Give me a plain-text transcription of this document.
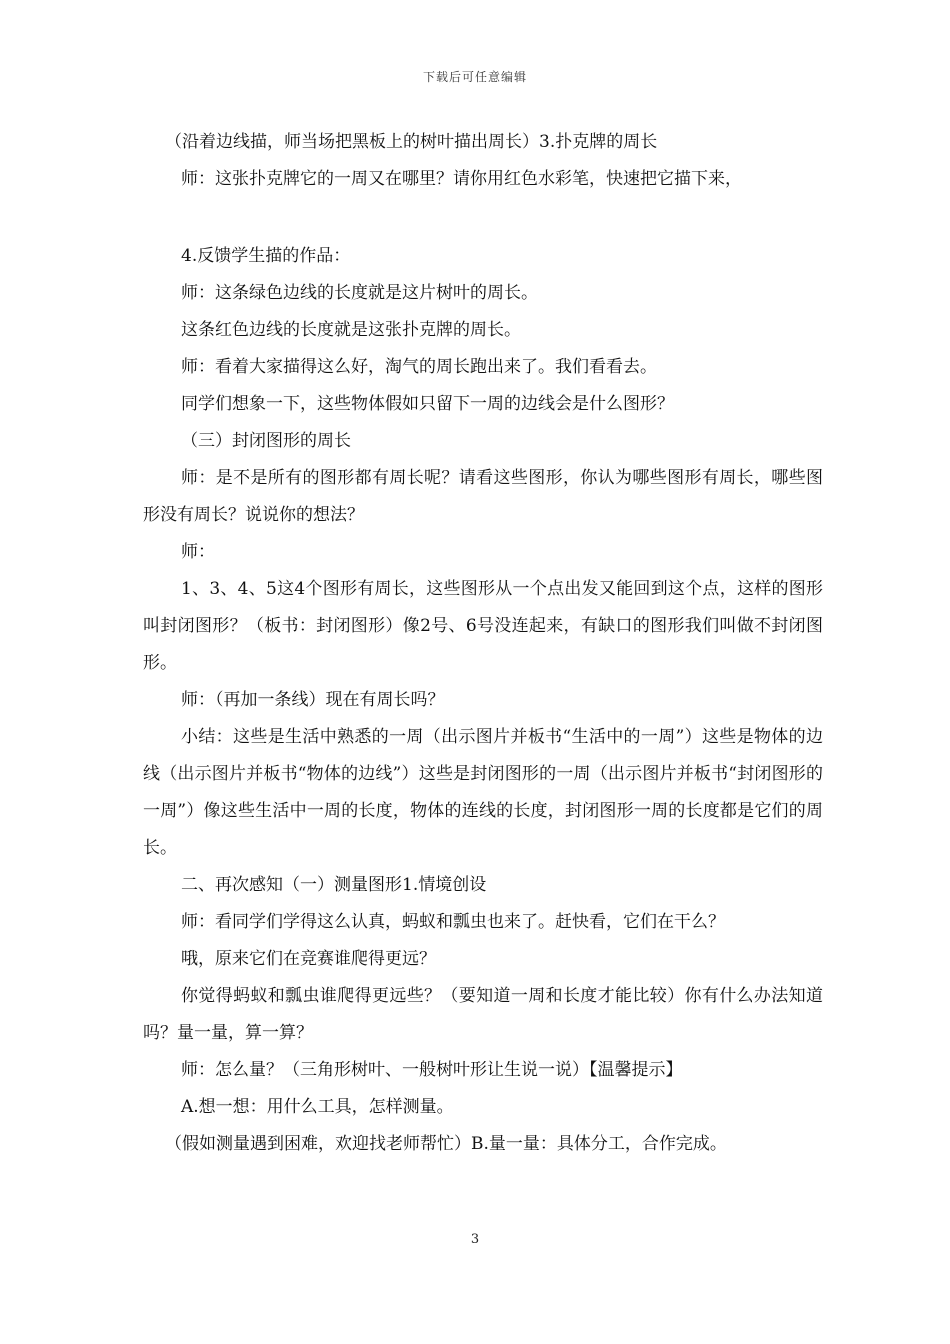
下载后可任意编辑

（沿着边线描，师当场把黑板上的树叶描出周长）3.扑克牌的周长

师：这张扑克牌它的一周又在哪里？请你用红色水彩笔，快速把它描下来，

4.反馈学生描的作品：

师：这条绿色边线的长度就是这片树叶的周长。

这条红色边线的长度就是这张扑克牌的周长。

师：看着大家描得这么好，淘气的周长跑出来了。我们看看去。

同学们想象一下，这些物体假如只留下一周的边线会是什么图形？

（三）封闭图形的周长

师：是不是所有的图形都有周长呢？请看这些图形，你认为哪些图形有周长，哪些图形没有周长？说说你的想法？

师：

1、3、4、5这4个图形有周长，这些图形从一个点出发又能回到这个点，这样的图形叫封闭图形？（板书：封闭图形）像2号、6号没连起来，有缺口的图形我们叫做不封闭图形。

师：（再加一条线）现在有周长吗？

小结：这些是生活中熟悉的一周（出示图片并板书“生活中的一周”）这些是物体的边线（出示图片并板书“物体的边线”）这些是封闭图形的一周（出示图片并板书“封闭图形的一周”）像这些生活中一周的长度，物体的连线的长度，封闭图形一周的长度都是它们的周长。

二、再次感知（一）测量图形1.情境创设

师：看同学们学得这么认真，蚂蚁和瓢虫也来了。赶快看，它们在干么？

哦，原来它们在竞赛谁爬得更远？

你觉得蚂蚁和瓢虫谁爬得更远些？（要知道一周和长度才能比较）你有什么办法知道吗？量一量，算一算？

师：怎么量？（三角形树叶、一般树叶形让生说一说）【温馨提示】

A.想一想：用什么工具，怎样测量。

（假如测量遇到困难，欢迎找老师帮忙）B.量一量：具体分工，合作完成。

3
